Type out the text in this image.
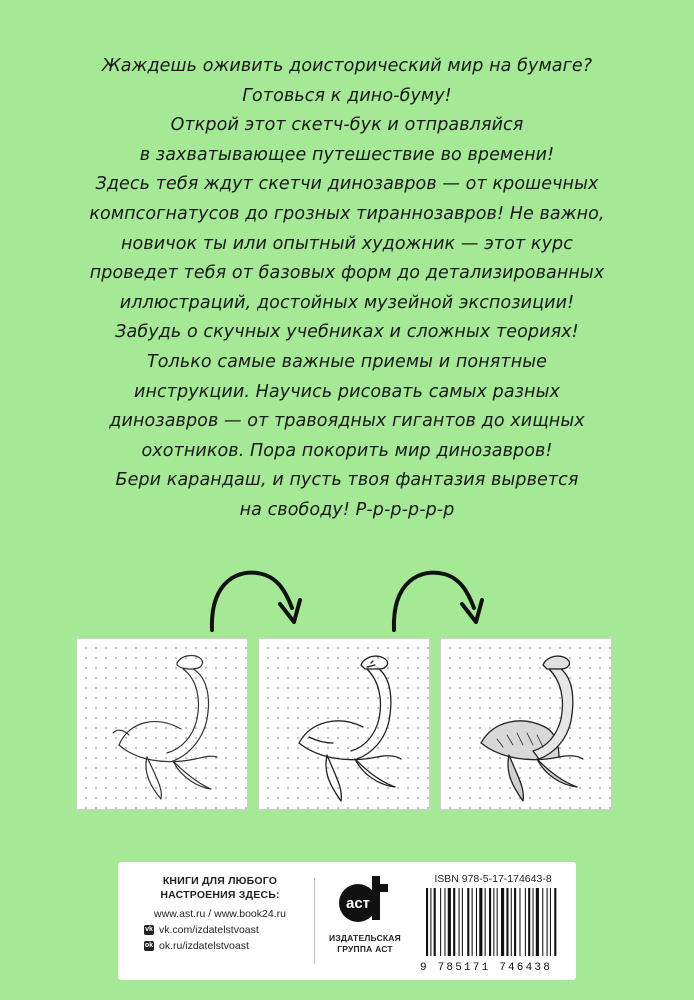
Жаждешь оживить доисторический мир на бумаге?
Готовься к дино-буму!
Открой этот скетч-бук и отправляйся
в захватывающее путешествие во времени!
Здесь тебя ждут скетчи динозавров — от крошечных
компсогнатусов до грозных тираннозавров! Не важно,
новичок ты или опытный художник — этот курс
проведет тебя от базовых форм до детализированных
иллюстраций, достойных музейной экспозиции!
Забудь о скучных учебниках и сложных теориях!
Только самые важные приемы и понятные
инструкции. Научись рисовать самых разных
динозавров — от травоядных гигантов до хищных
охотников. Пора покорить мир динозавров!
Бери карандаш, и пусть твоя фантазия вырвется
на свободу! Р-р-р-р-р-р
КНИГИ ДЛЯ ЛЮБОГО
НАСТРОЕНИЯ ЗДЕСЬ:
www.ast.ru / www.book24.ru
vk vk.com/izdatelstvoast
ok ok.ru/izdatelstvoast
аст
ИЗДАТЕЛЬСКАЯ
ГРУППА АСТ
ISBN 978-5-17-174643-8
9 785171 746438
